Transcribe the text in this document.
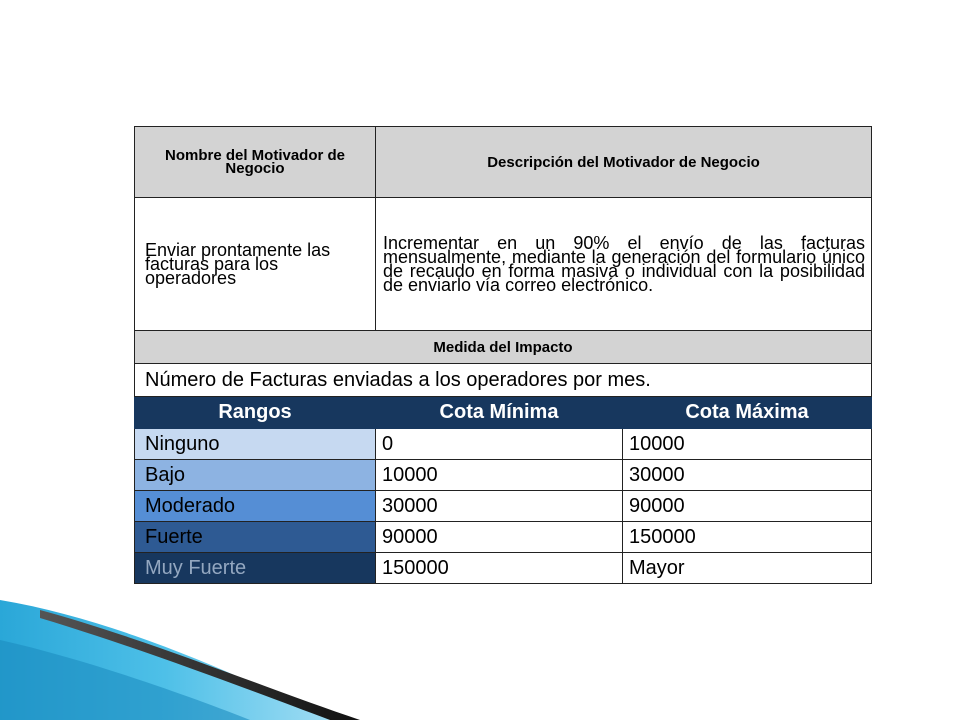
Nombre del Motivador de Negocio	Descripción del Motivador de Negocio	
Enviar prontamente las facturas para los operadores	Incrementar en un 90% el envío de las facturas mensualmente, mediante la generación del formulario único de recaudo en forma masiva o individual con la posibilidad de enviarlo vía correo electrónico.	
Medida del Impacto		
Número de Facturas enviadas a los operadores por mes.		
Rangos	Cota Mínima	Cota Máxima
Ninguno	0	10000
Bajo	10000	30000
Moderado	30000	90000
Fuerte	90000	150000
Muy Fuerte	150000	Mayor
